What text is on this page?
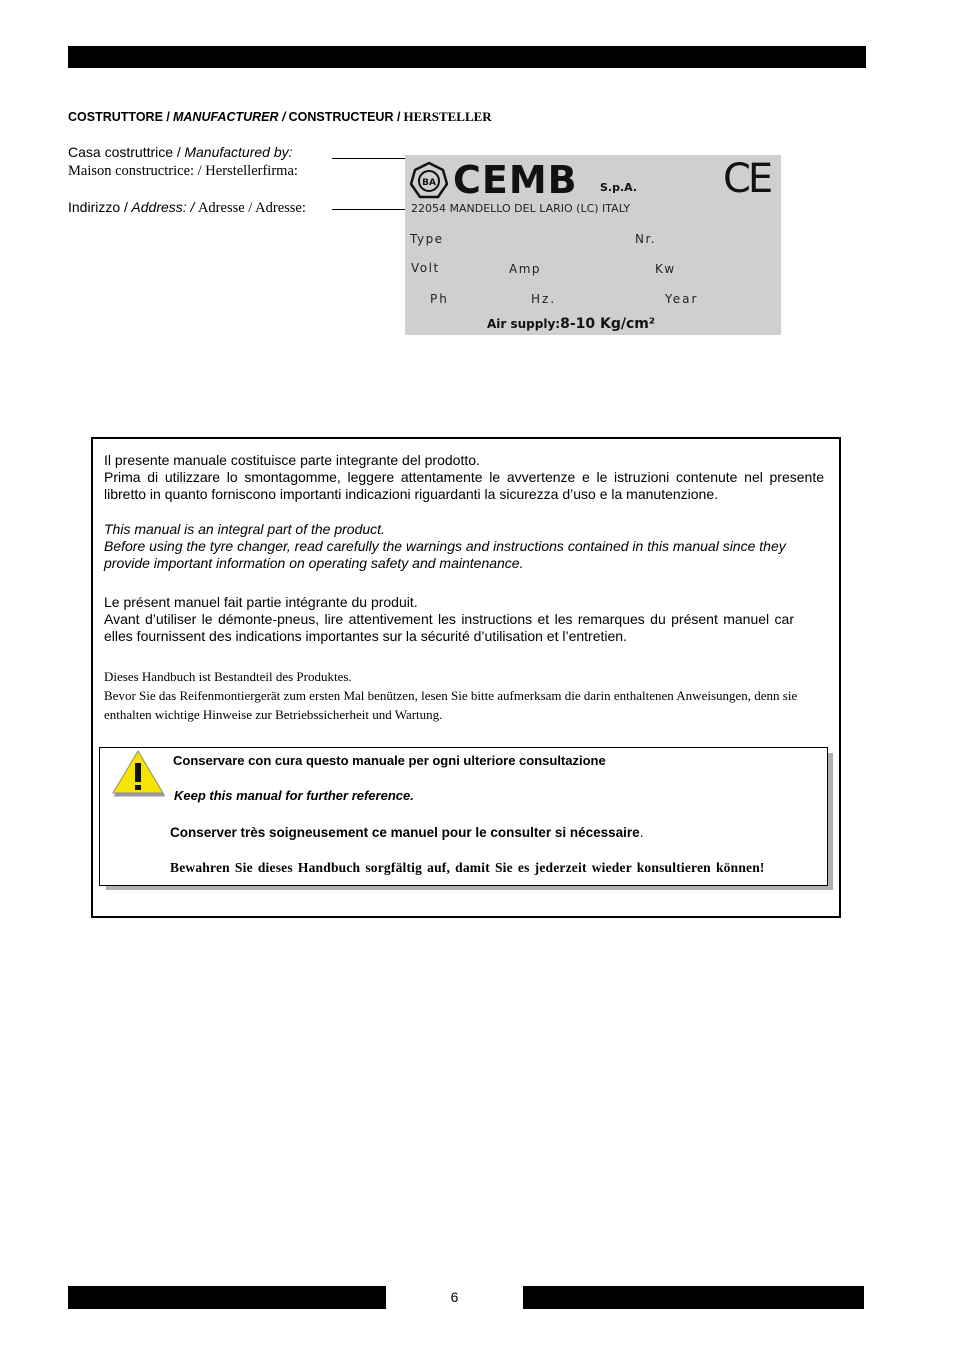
COSTRUTTORE / MANUFACTURER / CONSTRUCTEUR / HERSTELLER
Casa costruttrice / Manufactured by:
Maison constructrice: / Herstellerfirma:
Indirizzo / Address: / Adresse / Adresse:
BA CEMB S.p.A. CE
22054 MANDELLO DEL LARIO (LC) ITALY
Type	Nr.
Volt	Amp	Kw
Ph	Hz.	Year
Air supply:8-10 Kg/cm²

Il presente manuale costituisce parte integrante del prodotto.

Prima di utilizzare lo smontagomme, leggere attentamente le avvertenze e le istruzioni contenute nel presente libretto in quanto forniscono importanti indicazioni riguardanti la sicurezza d’uso e la manutenzione.

This manual is an integral part of the product.

Before using the tyre changer, read carefully the warnings and instructions contained in this manual since they provide important information on operating safety and maintenance.

Le présent manuel fait partie intégrante du produit.

Avant d’utiliser le démonte-pneus, lire attentivement les instructions et les remarques du présent manuel car elles fournissent des indications importantes sur la sécurité d’utilisation et l’entretien.

Dieses Handbuch ist Bestandteil des Produktes.

Bevor Sie das Reifenmontiergerät zum ersten Mal benützen, lesen Sie bitte aufmerksam die darin enthaltenen Anweisungen, denn sie enthalten wichtige Hinweise zur Betriebssicherheit und Wartung.

Conservare con cura questo manuale per ogni ulteriore consultazione
Keep this manual for further reference.
Conserver très soigneusement ce manuel pour le consulter si nécessaire.
Bewahren Sie dieses Handbuch sorgfältig auf, damit Sie es jederzeit wieder konsultieren können!
6
